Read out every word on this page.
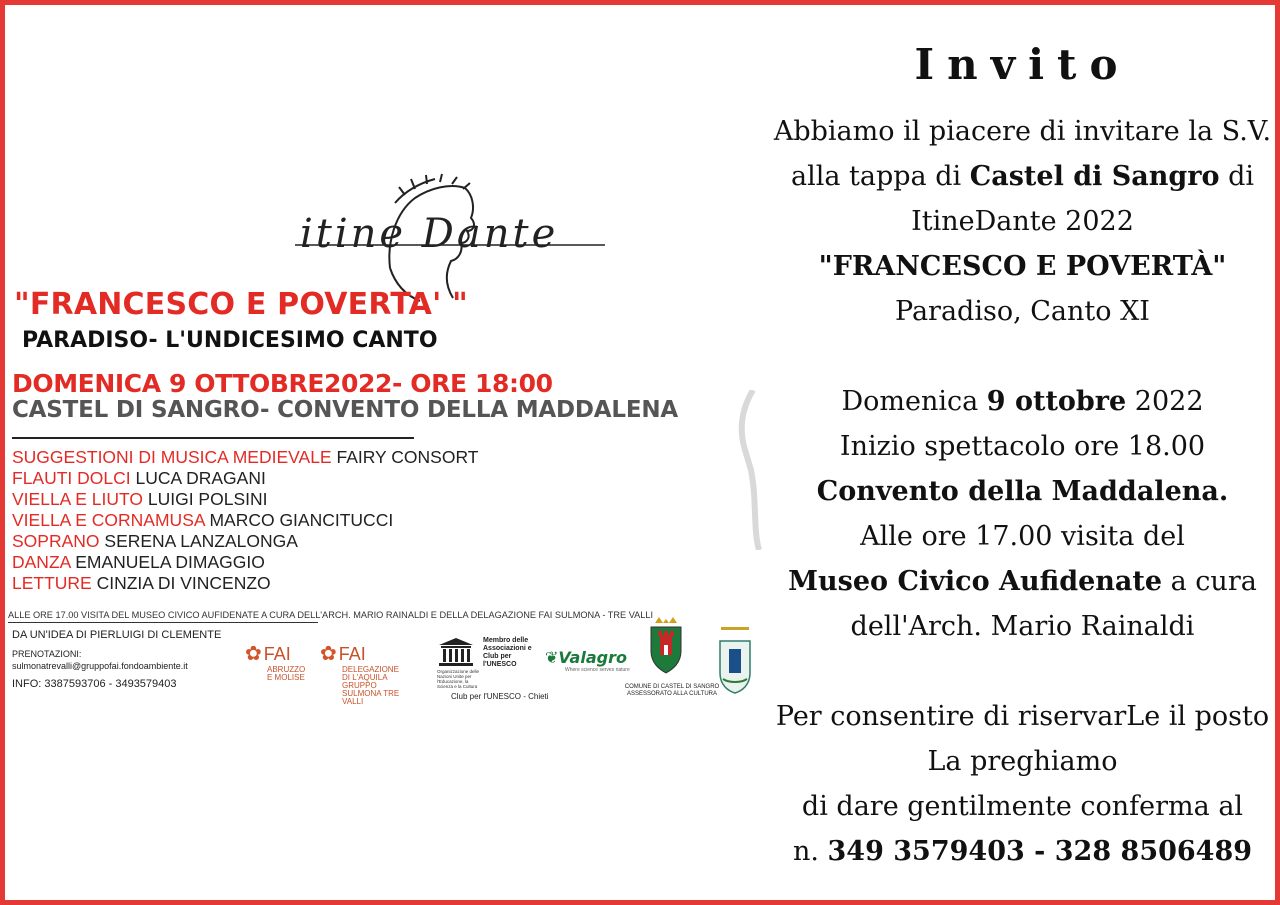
itine Dante
"FRANCESCO E POVERTA' "
PARADISO- L'UNDICESIMO CANTO
DOMENICA 9 OTTOBRE2022- ORE 18:00
CASTEL DI SANGRO- CONVENTO DELLA MADDALENA
SUGGESTIONI DI MUSICA MEDIEVALE FAIRY CONSORT
FLAUTI DOLCI LUCA DRAGANI
VIELLA E LIUTO LUIGI POLSINI
VIELLA E CORNAMUSA MARCO GIANCITUCCI
SOPRANO SERENA LANZALONGA
DANZA EMANUELA DIMAGGIO
LETTURE CINZIA DI VINCENZO
ALLE ORE 17.00 VISITA DEL MUSEO CIVICO AUFIDENATE A CURA DELL'ARCH. MARIO RAINALDI E DELLA DELAGAZIONE FAI SULMONA - TRE VALLI
DA UN'IDEA DI PIERLUIGI DI CLEMENTE
PRENOTAZIONI:
sulmonatrevalli@gruppofai.fondoambiente.it
INFO: 3387593706 - 3493579403
✿ FAI
ABRUZZO E MOLISE
✿ FAI
DELEGAZIONE DI L'AQUILA GRUPPO SULMONA TRE VALLI
Membro delle Associazioni e Club per l'UNESCO
Organizzazione delle Nazioni Unite per l'Educazione, la Scienza e la Cultura
Club per l'UNESCO - Chieti
❦Valagro
Where science serves nature
COMUNE DI CASTEL DI SANGRO ASSESSORATO ALLA CULTURA
Invito
Abbiamo il piacere di invitare la S.V.
alla tappa di Castel di Sangro di
ItineDante 2022
"FRANCESCO E POVERTÀ"
Paradiso, Canto XI
Domenica 9 ottobre 2022
Inizio spettacolo ore 18.00
Convento della Maddalena.
Alle ore 17.00 visita del
Museo Civico Aufidenate a cura
dell'Arch. Mario Rainaldi
Per consentire di riservarLe il posto
La preghiamo
di dare gentilmente conferma al
n. 349 3579403 - 328 8506489
